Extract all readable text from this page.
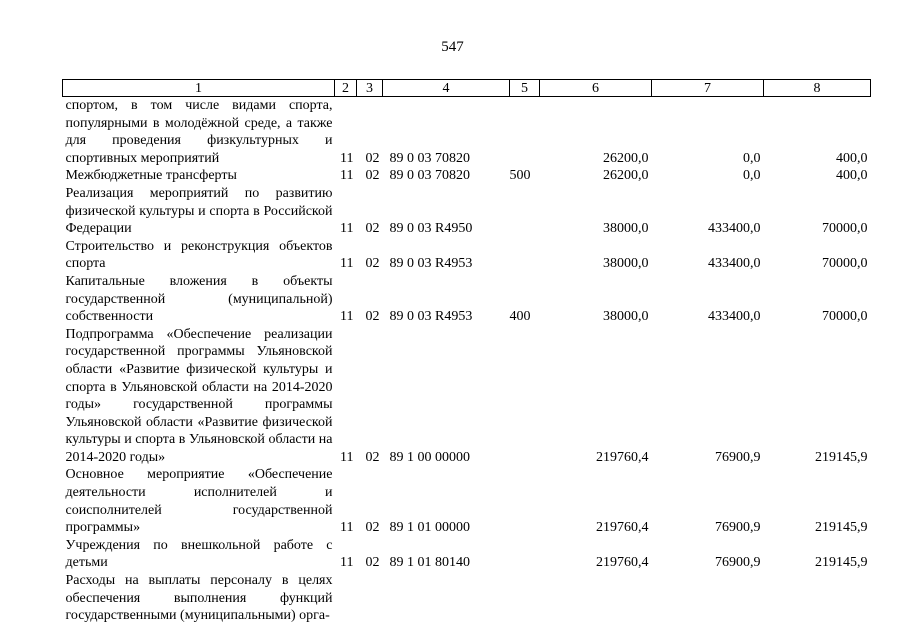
547
1	2	3	4	5	6	7	8
спортом, в том числе видами спорта, популярными в молодёжной среде, а также для проведения физкультурных и спортивных мероприятий	11	02	89 0 03 70820		26200,0	0,0	400,0
Межбюджетные трансферты	11	02	89 0 03 70820	500	26200,0	0,0	400,0
Реализация мероприятий по развитию физической культуры и спорта в Российской Федерации	11	02	89 0 03 R4950		38000,0	433400,0	70000,0
Строительство и реконструкция объектов спорта	11	02	89 0 03 R4953		38000,0	433400,0	70000,0
Капитальные вложения в объекты государственной (муниципальной) собственности	11	02	89 0 03 R4953	400	38000,0	433400,0	70000,0
Подпрограмма «Обеспечение реализации государственной программы Ульяновской области «Развитие физической культуры и спорта в Ульяновской области на 2014-2020 годы» государственной программы Ульяновской области «Развитие физической культуры и спорта в Ульяновской области на 2014-2020 годы»	11	02	89 1 00 00000		219760,4	76900,9	219145,9
Основное мероприятие «Обеспечение деятельности исполнителей и соисполнителей государственной программы»	11	02	89 1 01 00000		219760,4	76900,9	219145,9
Учреждения по внешкольной работе с детьми	11	02	89 1 01 80140		219760,4	76900,9	219145,9
Расходы на выплаты персоналу в целях обеспечения выполнения функций государственными (муниципальными) орга-							
